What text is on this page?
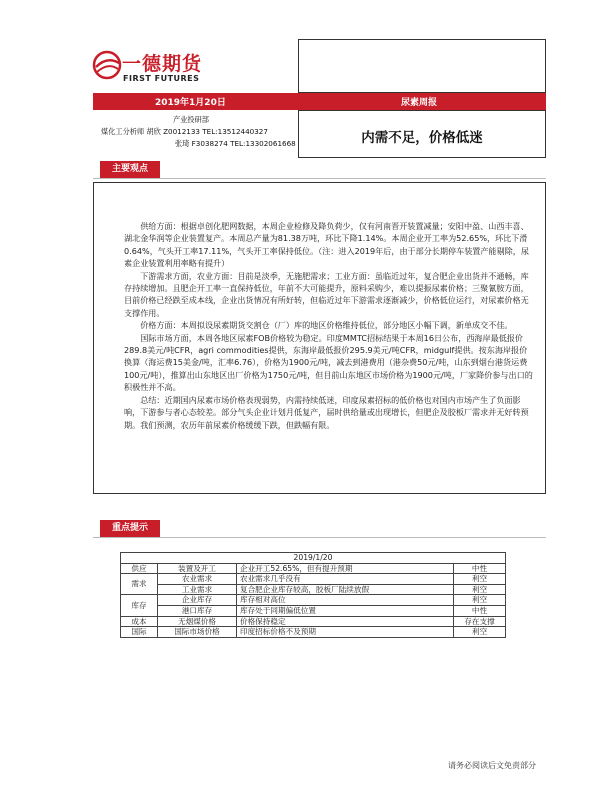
一德期货
FIRST FUTURES
2019年1月20日	尿素周报
产业投研部
煤化工分析师 胡欣 Z0012133 TEL:13512440327
张琦 F3038274 TEL:13302061668	内需不足，价格低迷
主要观点

供给方面：根据卓创化肥网数据，本周企业检修及降负荷少，仅有河南晋开装置减量；安阳中盈、山西丰喜、湖北金华润等企业装置复产。本周总产量为81.38万吨，环比下降1.14%。本周企业开工率为52.65%，环比下滑0.64%，气头开工率17.11%，气头开工率保持低位。（注：进入2019年后，由于部分长期停车装置产能剔除，尿素企业装置利用率略有提升）

下游需求方面，农业方面：目前是淡季，无施肥需求；工业方面：虽临近过年，复合肥企业出货并不通畅，库存持续增加。且肥企开工率一直保持低位，年前不大可能提升，原料采购少，难以提振尿素价格；三聚氰胺方面，目前价格已经跌至成本线，企业出货情况有所好转，但临近过年下游需求逐渐减少，价格低位运行，对尿素价格无支撑作用。

价格方面：本周拟设尿素期货交割仓（厂）库的地区价格维持低位，部分地区小幅下调，新单成交不佳。

国际市场方面，本周各地区尿素FOB价格较为稳定。印度MMTC招标结果于本周16日公布，西海岸最低报价289.8美元/吨CFR，agri commodities提供，东海岸最低报价295.9美元/吨CFR，midgulf提供。按东海岸报价换算（海运费15美金/吨，汇率6.76），价格为1900元/吨，减去到港费用（港杂费50元/吨，山东到烟台港货运费100元/吨），推算出山东地区出厂价格为1750元/吨，但目前山东地区市场价格为1900元/吨，厂家降价参与出口的积极性并不高。

总结：近期国内尿素市场价格表现弱势，内需持续低迷，印度尿素招标的低价格也对国内市场产生了负面影响，下游参与者心态较差。部分气头企业计划月低复产，届时供给量或出现增长，但肥企及胶板厂需求并无好转预期。我们预测，农历年前尿素价格缓缓下跌，但跌幅有限。

重点提示
2019/1/20			
供应	装置及开工	企业开工52.65%，但有提升预期	中性
需求	农业需求	农业需求几乎没有	利空
	工业需求	复合肥企业库存较高，胶板厂陆续放假	利空
库存	企业库存	库存相对高位	利空
	港口库存	库存处于同期偏低位置	中性
成本	无烟煤价格	价格保持稳定	存在支撑
国际	国际市场价格	印度招标价格不及预期	利空
请务必阅读后文免责部分
